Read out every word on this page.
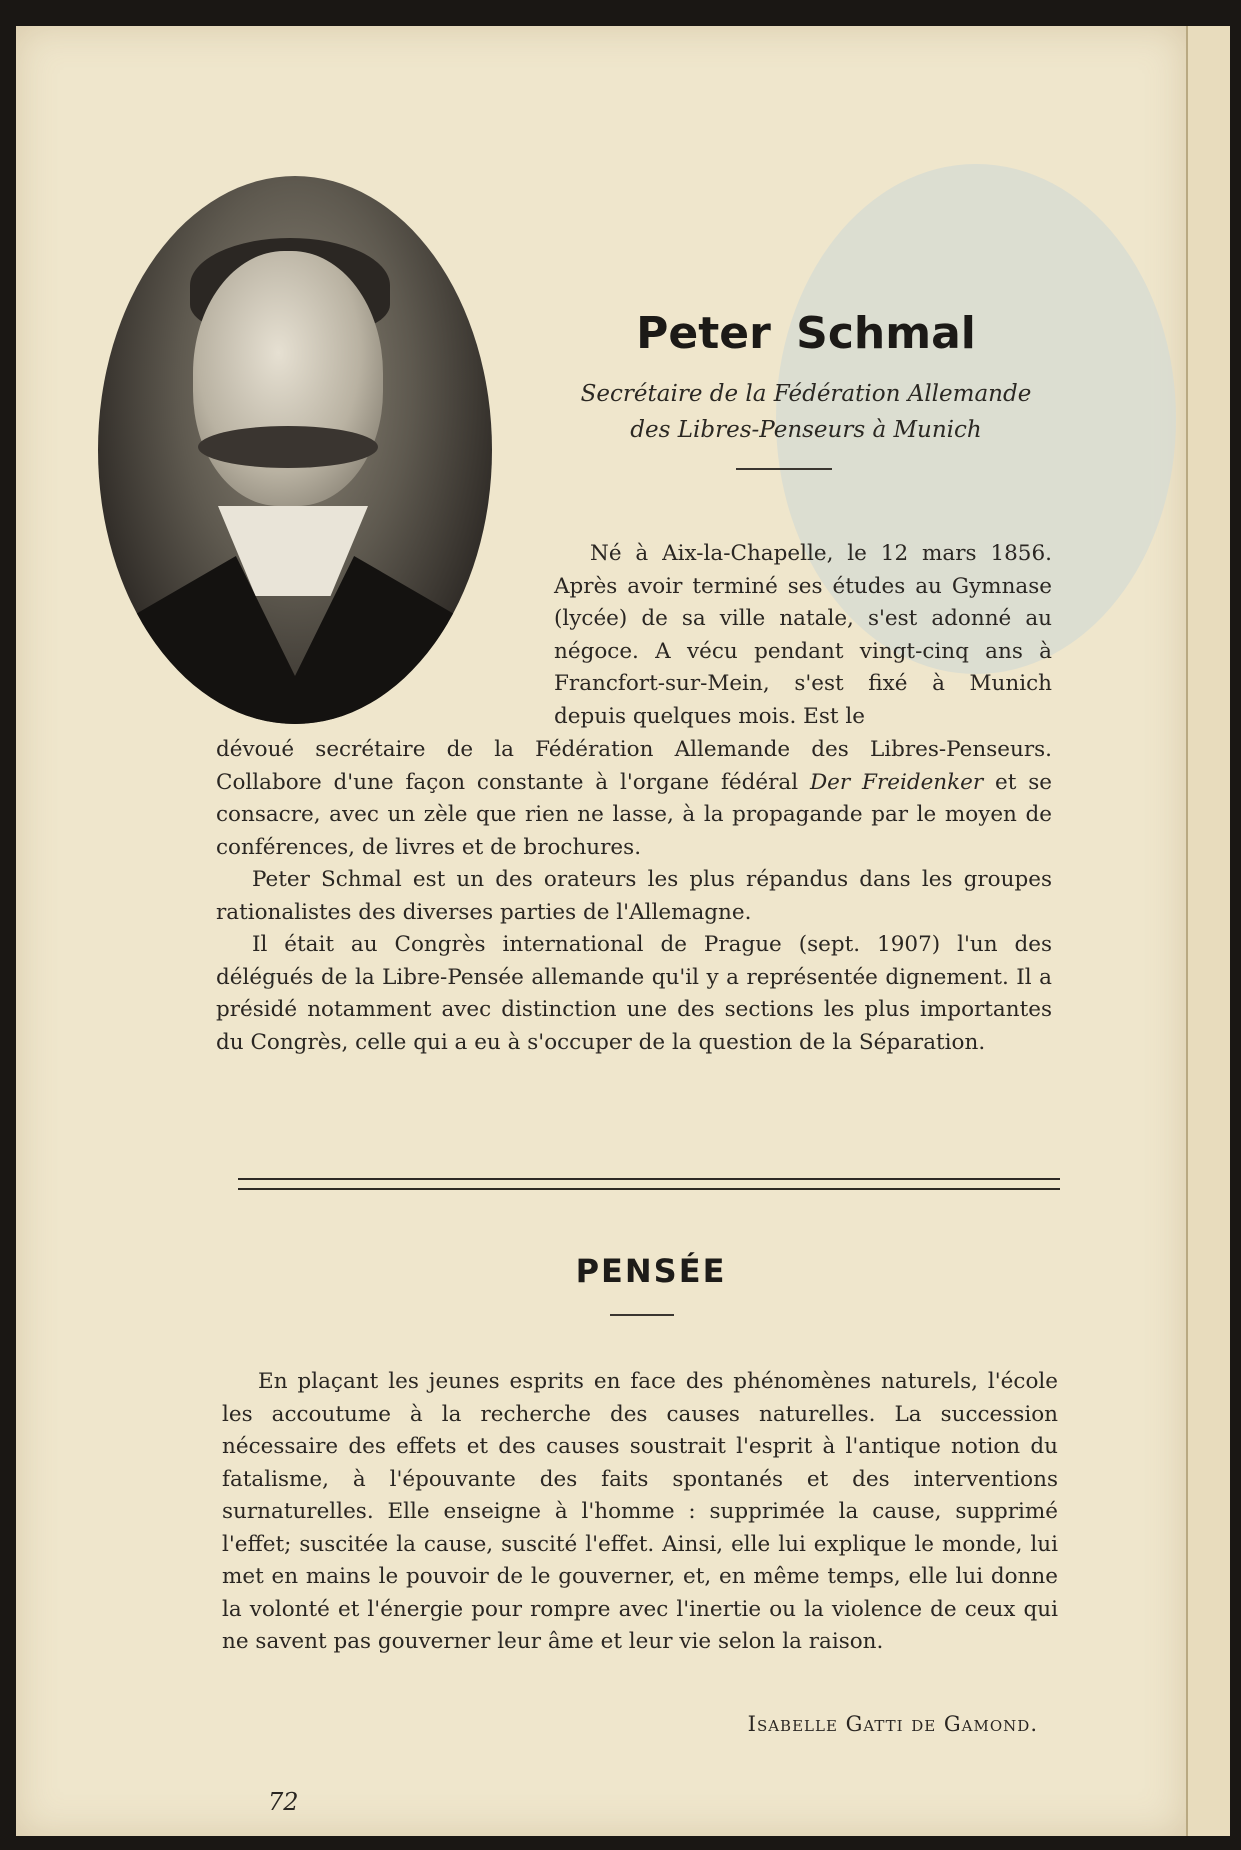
Peter Schmal
Secrétaire de la Fédération Allemande
des Libres-Penseurs à Munich

Né à Aix-la-Chapelle, le 12 mars 1856. Après avoir terminé ses études au Gymnase (lycée) de sa ville natale, s'est adonné au négoce. A vécu pendant vingt-cinq ans à Francfort-sur-Mein, s'est fixé à Munich depuis quelques mois. Est le

dévoué secrétaire de la Fédération Allemande des Libres-Penseurs. Collabore d'une façon constante à l'organe fédéral Der Freidenker et se consacre, avec un zèle que rien ne lasse, à la propagande par le moyen de conférences, de livres et de brochures.

Peter Schmal est un des orateurs les plus répandus dans les groupes rationalistes des diverses parties de l'Allemagne.

Il était au Congrès international de Prague (sept. 1907) l'un des délégués de la Libre-Pensée allemande qu'il y a représentée dignement. Il a présidé notamment avec distinction une des sections les plus importantes du Congrès, celle qui a eu à s'occuper de la question de la Séparation.

PENSÉE

En plaçant les jeunes esprits en face des phénomènes naturels, l'école les accoutume à la recherche des causes naturelles. La succession nécessaire des effets et des causes soustrait l'esprit à l'antique notion du fatalisme, à l'épouvante des faits spontanés et des interventions surnaturelles. Elle enseigne à l'homme : supprimée la cause, supprimé l'effet; suscitée la cause, suscité l'effet. Ainsi, elle lui explique le monde, lui met en mains le pouvoir de le gouverner, et, en même temps, elle lui donne la volonté et l'énergie pour rompre avec l'inertie ou la violence de ceux qui ne savent pas gouverner leur âme et leur vie selon la raison.

Isabelle Gatti de Gamond.
72
